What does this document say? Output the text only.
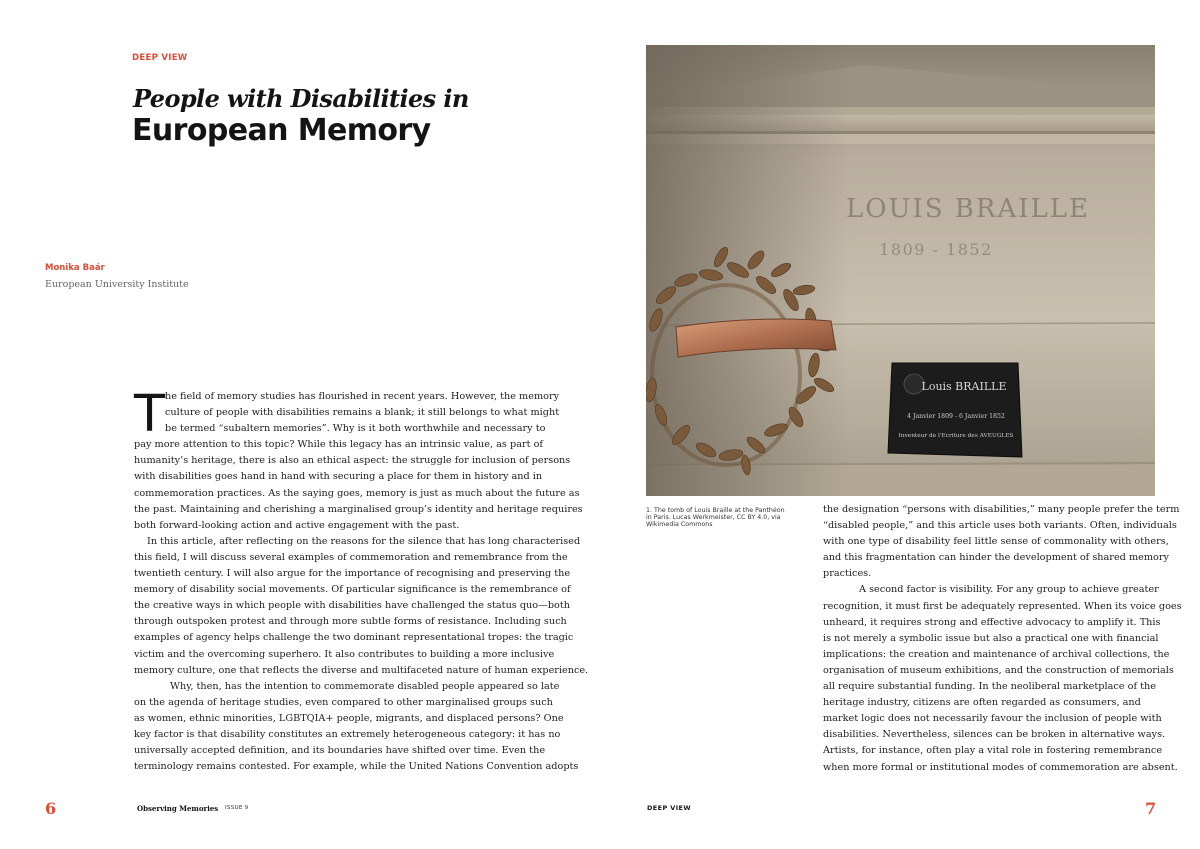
DEEP VIEW
People with Disabilities in
European Memory
Monika Baár
European University Institute
T he field of memory studies has flourished in recent years. However, the memory
culture of people with disabilities remains a blank; it still belongs to what might
be termed “subaltern memories”. Why is it both worthwhile and necessary to
pay more attention to this topic? While this legacy has an intrinsic value, as part of
humanity’s heritage, there is also an ethical aspect: the struggle for inclusion of persons
with disabilities goes hand in hand with securing a place for them in history and in
commemoration practices. As the saying goes, memory is just as much about the future as
the past. Maintaining and cherishing a marginalised group’s identity and heritage requires
both forward-looking action and active engagement with the past.
In this article, after reflecting on the reasons for the silence that has long characterised
this field, I will discuss several examples of commemoration and remembrance from the
twentieth century. I will also argue for the importance of recognising and preserving the
memory of disability social movements. Of particular significance is the remembrance of
the creative ways in which people with disabilities have challenged the status quo—both
through outspoken protest and through more subtle forms of resistance. Including such
examples of agency helps challenge the two dominant representational tropes: the tragic
victim and the overcoming superhero. It also contributes to building a more inclusive
memory culture, one that reflects the diverse and multifaceted nature of human experience.
Why, then, has the intention to commemorate disabled people appeared so late
on the agenda of heritage studies, even compared to other marginalised groups such
as women, ethnic minorities, LGBTQIA+ people, migrants, and displaced persons? One
key factor is that disability constitutes an extremely heterogeneous category: it has no
universally accepted definition, and its boundaries have shifted over time. Even the
terminology remains contested. For example, while the United Nations Convention adopts
LOUIS BRAILLE
1809 - 1852
Louis BRAILLE
4 Janvier 1809 - 6 Janvier 1852
Inventeur de l'Ecriture des AVEUGLES
1. The tomb of Louis Braille at the Panthéon
in Paris. Lucas Werkmeister, CC BY 4.0, via
Wikimedia Commons
the designation “persons with disabilities,” many people prefer the term
“disabled people,” and this article uses both variants. Often, individuals
with one type of disability feel little sense of commonality with others,
and this fragmentation can hinder the development of shared memory
practices.
A second factor is visibility. For any group to achieve greater
recognition, it must first be adequately represented. When its voice goes
unheard, it requires strong and effective advocacy to amplify it. This
is not merely a symbolic issue but also a practical one with financial
implications: the creation and maintenance of archival collections, the
organisation of museum exhibitions, and the construction of memorials
all require substantial funding. In the neoliberal marketplace of the
heritage industry, citizens are often regarded as consumers, and
market logic does not necessarily favour the inclusion of people with
disabilities. Nevertheless, silences can be broken in alternative ways.
Artists, for instance, often play a vital role in fostering remembrance
when more formal or institutional modes of commemoration are absent.
6	Observing Memories ISSUE 9	DEEP VIEW	7
